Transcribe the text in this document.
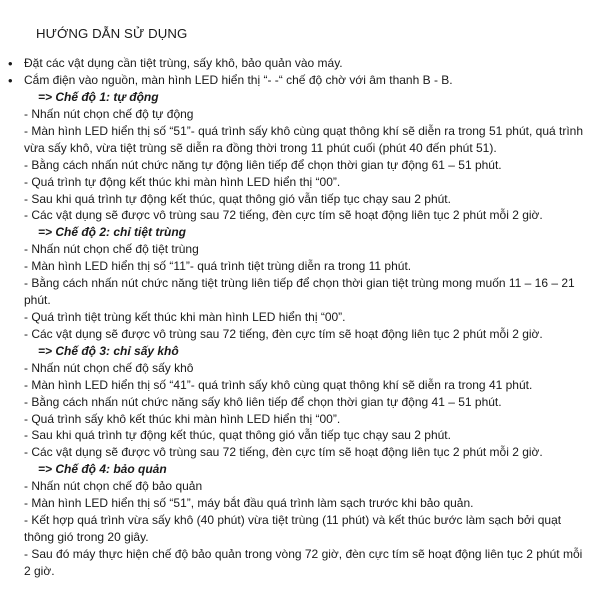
HƯỚNG DẪN SỬ DỤNG
• Đặt các vật dụng cần tiệt trùng, sấy khô, bảo quản vào máy.
• Cắm điện vào nguồn, màn hình LED hiển thị “- -“ chế độ chờ với âm thanh B - B.
=> Chế độ 1: tự động
- Nhấn nút chọn chế độ tự động
- Màn hình LED hiển thị số “51”- quá trình sấy khô cùng quạt thông khí sẽ diễn ra trong 51 phút, quá trình vừa sấy khô, vừa tiệt trùng sẽ diễn ra đồng thời trong 11 phút cuối (phút 40 đến phút 51).
- Bằng cách nhấn nút chức năng tự động liên tiếp để chọn thời gian tự động 61 – 51 phút.
- Quá trình tự động kết thúc khi màn hình LED hiển thị “00”.
- Sau khi quá trình tự động kết thúc, quạt thông gió vẫn tiếp tục chạy sau 2 phút.
- Các vật dụng sẽ được vô trùng sau 72 tiếng, đèn cực tím sẽ hoạt động liên tục 2 phút mỗi 2 giờ.
=> Chế độ 2: chỉ tiệt trùng
- Nhấn nút chọn chế độ tiệt trùng
- Màn hình LED hiển thị số “11”- quá trình tiệt trùng diễn ra trong 11 phút.
- Bằng cách nhấn nút chức năng tiệt trùng liên tiếp để chọn thời gian tiệt trùng mong muốn 11 – 16 – 21 phút.
- Quá trình tiệt trùng kết thúc khi màn hình LED hiển thị “00”.
- Các vật dụng sẽ được vô trùng sau 72 tiếng, đèn cực tím sẽ hoạt động liên tục 2 phút mỗi 2 giờ.
=> Chế độ 3: chỉ sấy khô
- Nhấn nút chọn chế độ sấy khô
- Màn hình LED hiển thị số “41”- quá trình sấy khô cùng quạt thông khí sẽ diễn ra trong 41 phút.
- Bằng cách nhấn nút chức năng sấy khô liên tiếp để chọn thời gian tự động 41 – 51 phút.
- Quá trình sấy khô kết thúc khi màn hình LED hiển thị “00”.
- Sau khi quá trình tự động kết thúc, quạt thông gió vẫn tiếp tục chạy sau 2 phút.
- Các vật dụng sẽ được vô trùng sau 72 tiếng, đèn cực tím sẽ hoạt động liên tục 2 phút mỗi 2 giờ.
=> Chế độ 4: bảo quản
- Nhấn nút chọn chế độ bảo quản
- Màn hình LED hiển thị số “51”, máy bắt đầu quá trình làm sạch trước khi bảo quản.
- Kết hợp quá trình vừa sấy khô (40 phút) vừa tiệt trùng (11 phút) và kết thúc bước làm sạch bởi quạt thông gió trong 20 giây.
- Sau đó máy thực hiện chế độ bảo quản trong vòng 72 giờ, đèn cực tím sẽ hoạt động liên tục 2 phút mỗi 2 giờ.
